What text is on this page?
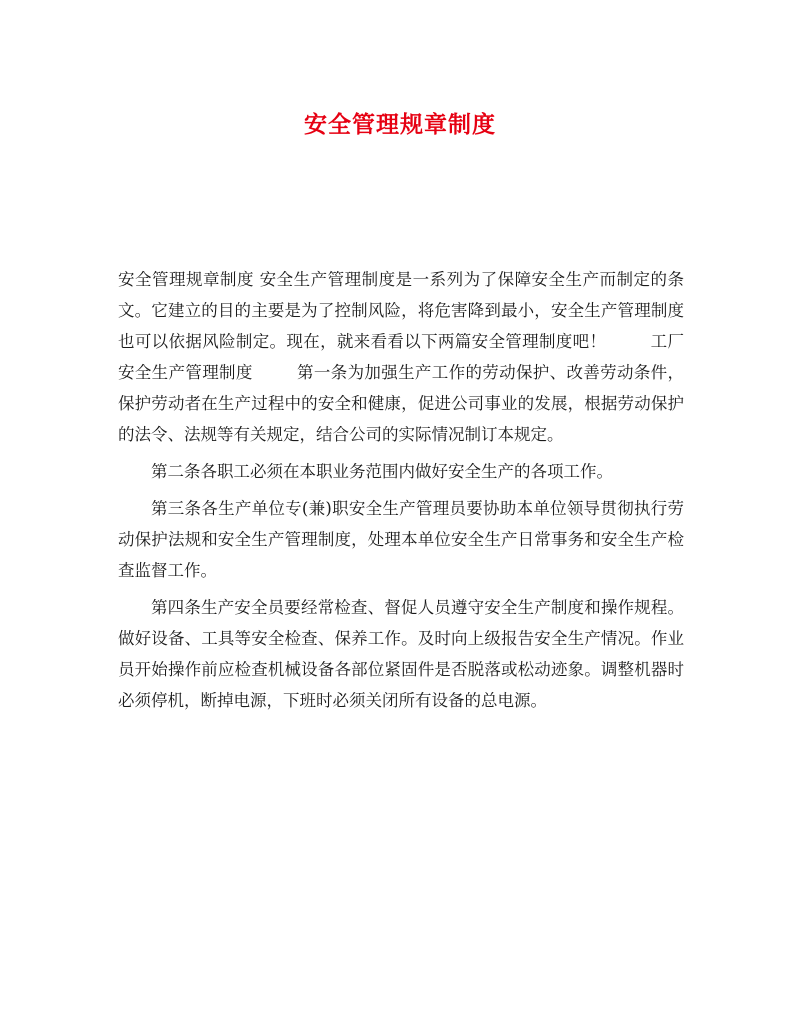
安全管理规章制度

安全管理规章制度 安全生产管理制度是一系列为了保障安全生产而制定的条文。它建立的目的主要是为了控制风险，将危害降到最小，安全生产管理制度也可以依据风险制定。现在，就来看看以下两篇安全管理制度吧！	工厂安全生产管理制度	第一条为加强生产工作的劳动保护、改善劳动条件，保护劳动者在生产过程中的安全和健康，促进公司事业的发展，根据劳动保护的法令、法规等有关规定，结合公司的实际情况制订本规定。

第二条各职工必须在本职业务范围内做好安全生产的各项工作。

第三条各生产单位专(兼)职安全生产管理员要协助本单位领导贯彻执行劳动保护法规和安全生产管理制度，处理本单位安全生产日常事务和安全生产检查监督工作。

第四条生产安全员要经常检查、督促人员遵守安全生产制度和操作规程。做好设备、工具等安全检查、保养工作。及时向上级报告安全生产情况。作业员开始操作前应检查机械设备各部位紧固件是否脱落或松动迹象。调整机器时必须停机，断掉电源，下班时必须关闭所有设备的总电源。
